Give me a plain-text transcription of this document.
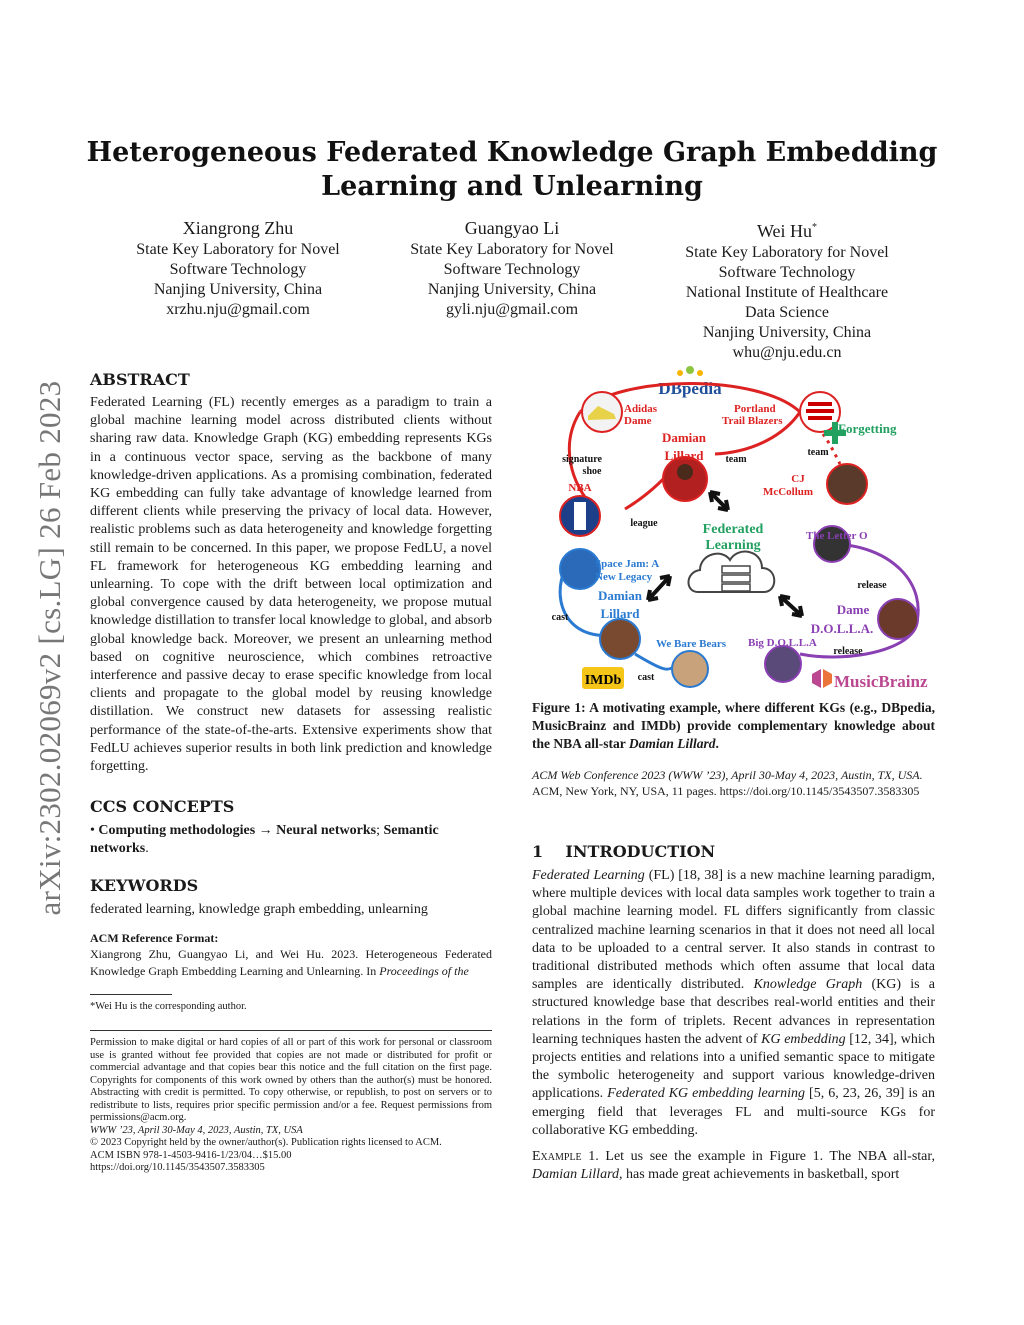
arXiv:2302.02069v2 [cs.LG] 26 Feb 2023
Heterogeneous Federated Knowledge Graph Embedding
Learning and Unlearning
Xiangrong Zhu
State Key Laboratory for Novel
Software Technology
Nanjing University, China
xrzhu.nju@gmail.com
Guangyao Li
State Key Laboratory for Novel
Software Technology
Nanjing University, China
gyli.nju@gmail.com
Wei Hu*
State Key Laboratory for Novel
Software Technology
National Institute of Healthcare
Data Science
Nanjing University, China
whu@nju.edu.cn
ABSTRACT

Federated Learning (FL) recently emerges as a paradigm to train a global machine learning model across distributed clients without sharing raw data. Knowledge Graph (KG) embedding represents KGs in a continuous vector space, serving as the backbone of many knowledge-driven applications. As a promising combination, federated KG embedding can fully take advantage of knowledge learned from different clients while preserving the privacy of local data. However, realistic problems such as data heterogeneity and knowledge forgetting still remain to be concerned. In this paper, we propose FedLU, a novel FL framework for heterogeneous KG embedding learning and unlearning. To cope with the drift between local optimization and global convergence caused by data heterogeneity, we propose mutual knowledge distillation to transfer local knowledge to global, and absorb global knowledge back. Moreover, we present an unlearning method based on cognitive neuroscience, which combines retroactive interference and passive decay to erase specific knowledge from local clients and propagate to the global model by reusing knowledge distillation. We construct new datasets for assessing realistic performance of the state-of-the-arts. Extensive experiments show that FedLU achieves superior results in both link prediction and knowledge forgetting.

CCS CONCEPTS

• Computing methodologies → Neural networks; Semantic networks.

KEYWORDS

federated learning, knowledge graph embedding, unlearning

ACM Reference Format:

Xiangrong Zhu, Guangyao Li, and Wei Hu. 2023. Heterogeneous Federated Knowledge Graph Embedding Learning and Unlearning. In Proceedings of the

*Wei Hu is the corresponding author.

Permission to make digital or hard copies of all or part of this work for personal or classroom use is granted without fee provided that copies are not made or distributed for profit or commercial advantage and that copies bear this notice and the full citation on the first page. Copyrights for components of this work owned by others than the author(s) must be honored. Abstracting with credit is permitted. To copy otherwise, or republish, to post on servers or to redistribute to lists, requires prior specific permission and/or a fee. Request permissions from permissions@acm.org.

WWW ’23, April 30-May 4, 2023, Austin, TX, USA

© 2023 Copyright held by the owner/author(s). Publication rights licensed to ACM.

ACM ISBN 978-1-4503-9416-1/23/04…$15.00

https://doi.org/10.1145/3543507.3583305

DBpedia
Federated
Learning
Adidas
Dame
Portland
Trail Blazers
Damian
Lillard
NBA
CJ
McCollum
Forgetting
Space Jam: A
New Legacy
Damian
Lillard
We Bare Bears
The Letter O
Dame
D.O.L.L.A.
Big D.O.L.L.A
signature
shoe
team
team
league
cast
cast
release
release
IMDb	MusicBrainz
Figure 1: A motivating example, where different KGs (e.g., DBpedia, MusicBrainz and IMDb) provide complementary knowledge about the NBA all-star Damian Lillard.
ACM Web Conference 2023 (WWW ’23), April 30-May 4, 2023, Austin, TX, USA.
ACM, New York, NY, USA, 11 pages. https://doi.org/10.1145/3543507.3583305
1    INTRODUCTION

Federated Learning (FL) [18, 38] is a new machine learning paradigm, where multiple devices with local data samples work together to train a global machine learning model. FL differs significantly from classic centralized machine learning scenarios in that it does not need all local data to be uploaded to a central server. It also stands in contrast to traditional distributed methods which often assume that local data samples are identically distributed. Knowledge Graph (KG) is a structured knowledge base that describes real-world entities and their relations in the form of triplets. Recent advances in representation learning techniques hasten the advent of KG embedding [12, 34], which projects entities and relations into a unified semantic space to mitigate the symbolic heterogeneity and support various knowledge-driven applications. Federated KG embedding learning [5, 6, 23, 26, 39] is an emerging field that leverages FL and multi-source KGs for collaborative KG embedding.

Example 1. Let us see the example in Figure 1. The NBA all-star, Damian Lillard, has made great achievements in basketball, sport
